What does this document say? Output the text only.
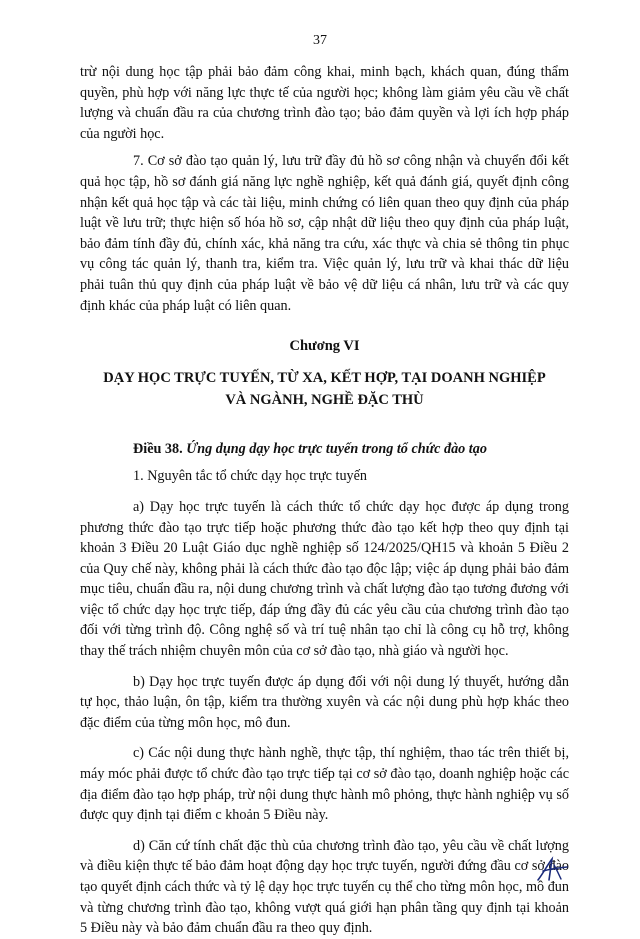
37

trừ nội dung học tập phải bảo đảm công khai, minh bạch, khách quan, đúng thẩm quyền, phù hợp với năng lực thực tế của người học; không làm giảm yêu cầu về chất lượng và chuẩn đầu ra của chương trình đào tạo; bảo đảm quyền và lợi ích hợp pháp của người học.

7. Cơ sở đào tạo quản lý, lưu trữ đầy đủ hồ sơ công nhận và chuyển đổi kết quả học tập, hồ sơ đánh giá năng lực nghề nghiệp, kết quả đánh giá, quyết định công nhận kết quả học tập và các tài liệu, minh chứng có liên quan theo quy định của pháp luật về lưu trữ; thực hiện số hóa hồ sơ, cập nhật dữ liệu theo quy định của pháp luật, bảo đảm tính đầy đủ, chính xác, khả năng tra cứu, xác thực và chia sẻ thông tin phục vụ công tác quản lý, thanh tra, kiểm tra. Việc quản lý, lưu trữ và khai thác dữ liệu phải tuân thủ quy định của pháp luật về bảo vệ dữ liệu cá nhân, lưu trữ và các quy định khác của pháp luật có liên quan.

Chương VI

DẠY HỌC TRỰC TUYẾN, TỪ XA, KẾT HỢP, TẠI DOANH NGHIỆP
VÀ NGÀNH, NGHỀ ĐẶC THÙ

Điều 38. Ứng dụng dạy học trực tuyến trong tổ chức đào tạo

1. Nguyên tắc tổ chức dạy học trực tuyến

a) Dạy học trực tuyến là cách thức tổ chức dạy học được áp dụng trong phương thức đào tạo trực tiếp hoặc phương thức đào tạo kết hợp theo quy định tại khoản 3 Điều 20 Luật Giáo dục nghề nghiệp số 124/2025/QH15 và khoản 5 Điều 2 của Quy chế này, không phải là cách thức đào tạo độc lập; việc áp dụng phải bảo đảm mục tiêu, chuẩn đầu ra, nội dung chương trình và chất lượng đào tạo tương đương với việc tổ chức dạy học trực tiếp, đáp ứng đầy đủ các yêu cầu của chương trình đào tạo đối với từng trình độ. Công nghệ số và trí tuệ nhân tạo chỉ là công cụ hỗ trợ, không thay thế trách nhiệm chuyên môn của cơ sở đào tạo, nhà giáo và người học.

b) Dạy học trực tuyến được áp dụng đối với nội dung lý thuyết, hướng dẫn tự học, thảo luận, ôn tập, kiểm tra thường xuyên và các nội dung phù hợp khác theo đặc điểm của từng môn học, mô đun.

c) Các nội dung thực hành nghề, thực tập, thí nghiệm, thao tác trên thiết bị, máy móc phải được tổ chức đào tạo trực tiếp tại cơ sở đào tạo, doanh nghiệp hoặc các địa điểm đào tạo hợp pháp, trừ nội dung thực hành mô phỏng, thực hành nghiệp vụ số được quy định tại điểm c khoản 5 Điều này.

d) Căn cứ tính chất đặc thù của chương trình đào tạo, yêu cầu về chất lượng và điều kiện thực tế bảo đảm hoạt động dạy học trực tuyến, người đứng đầu cơ sở đào tạo quyết định cách thức và tỷ lệ dạy học trực tuyến cụ thể cho từng môn học, mô đun và từng chương trình đào tạo, không vượt quá giới hạn phân tầng quy định tại khoản 5 Điều này và bảo đảm chuẩn đầu ra theo quy định.
